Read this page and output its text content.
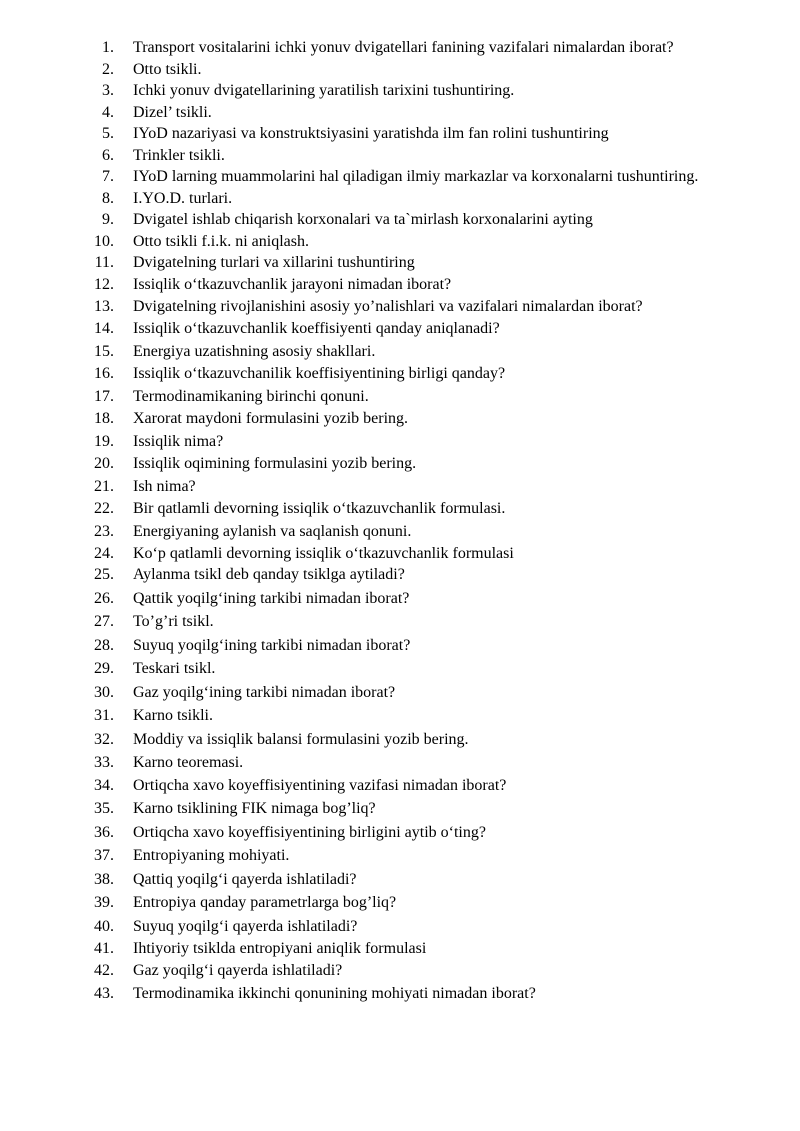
1. Transport vositalarini ichki yonuv dvigatellari fanining vazifalari nimalardan iborat?
2. Otto tsikli.
3. Ichki yonuv dvigatellarining yaratilish tarixini tushuntiring.
4. Dizel’ tsikli.
5. IYoD nazariyasi va konstruktsiyasini yaratishda ilm fan rolini tushuntiring
6. Trinkler tsikli.
7. IYoD larning muammolarini hal qiladigan ilmiy markazlar va korxonalarni tushuntiring.
8. I.YO.D. turlari.
9. Dvigatel ishlab chiqarish korxonalari va ta`mirlash korxonalarini ayting
10. Otto tsikli f.i.k. ni aniqlash.
11. Dvigatelning turlari va xillarini tushuntiring
12. Issiqlik o‘tkazuvchanlik jarayoni nimadan iborat?
13. Dvigatelning rivojlanishini asosiy yo’nalishlari va vazifalari nimalardan iborat?
14. Issiqlik o‘tkazuvchanlik koeffisiyenti qanday aniqlanadi?
15. Energiya uzatishning asosiy shakllari.
16. Issiqlik o‘tkazuvchanilik koeffisiyentining birligi qanday?
17. Termodinamikaning birinchi qonuni.
18. Xarorat maydoni formulasini yozib bering.
19. Issiqlik nima?
20. Issiqlik oqimining formulasini yozib bering.
21. Ish nima?
22. Bir qatlamli devorning issiqlik o‘tkazuvchanlik formulasi.
23. Energiyaning aylanish va saqlanish qonuni.
24. Ko‘p qatlamli devorning issiqlik o‘tkazuvchanlik formulasi
25. Aylanma tsikl deb qanday tsiklga aytiladi?
26. Qattik yoqilg‘ining tarkibi nimadan iborat?
27. To’g’ri tsikl.
28. Suyuq yoqilg‘ining tarkibi nimadan iborat?
29. Teskari tsikl.
30. Gaz yoqilg‘ining tarkibi nimadan iborat?
31. Karno tsikli.
32. Moddiy va issiqlik balansi formulasini yozib bering.
33. Karno teoremasi.
34. Ortiqcha xavo koyeffisiyentining vazifasi nimadan iborat?
35. Karno tsiklining FIK nimaga bog’liq?
36. Ortiqcha xavo koyeffisiyentining birligini aytib o‘ting?
37. Entropiyaning mohiyati.
38. Qattiq yoqilg‘i qayerda ishlatiladi?
39. Entropiya qanday parametrlarga bog’liq?
40. Suyuq yoqilg‘i qayerda ishlatiladi?
41. Ihtiyoriy tsiklda entropiyani aniqlik formulasi
42. Gaz yoqilg‘i qayerda ishlatiladi?
43. Termodinamika ikkinchi qonunining mohiyati nimadan iborat?
